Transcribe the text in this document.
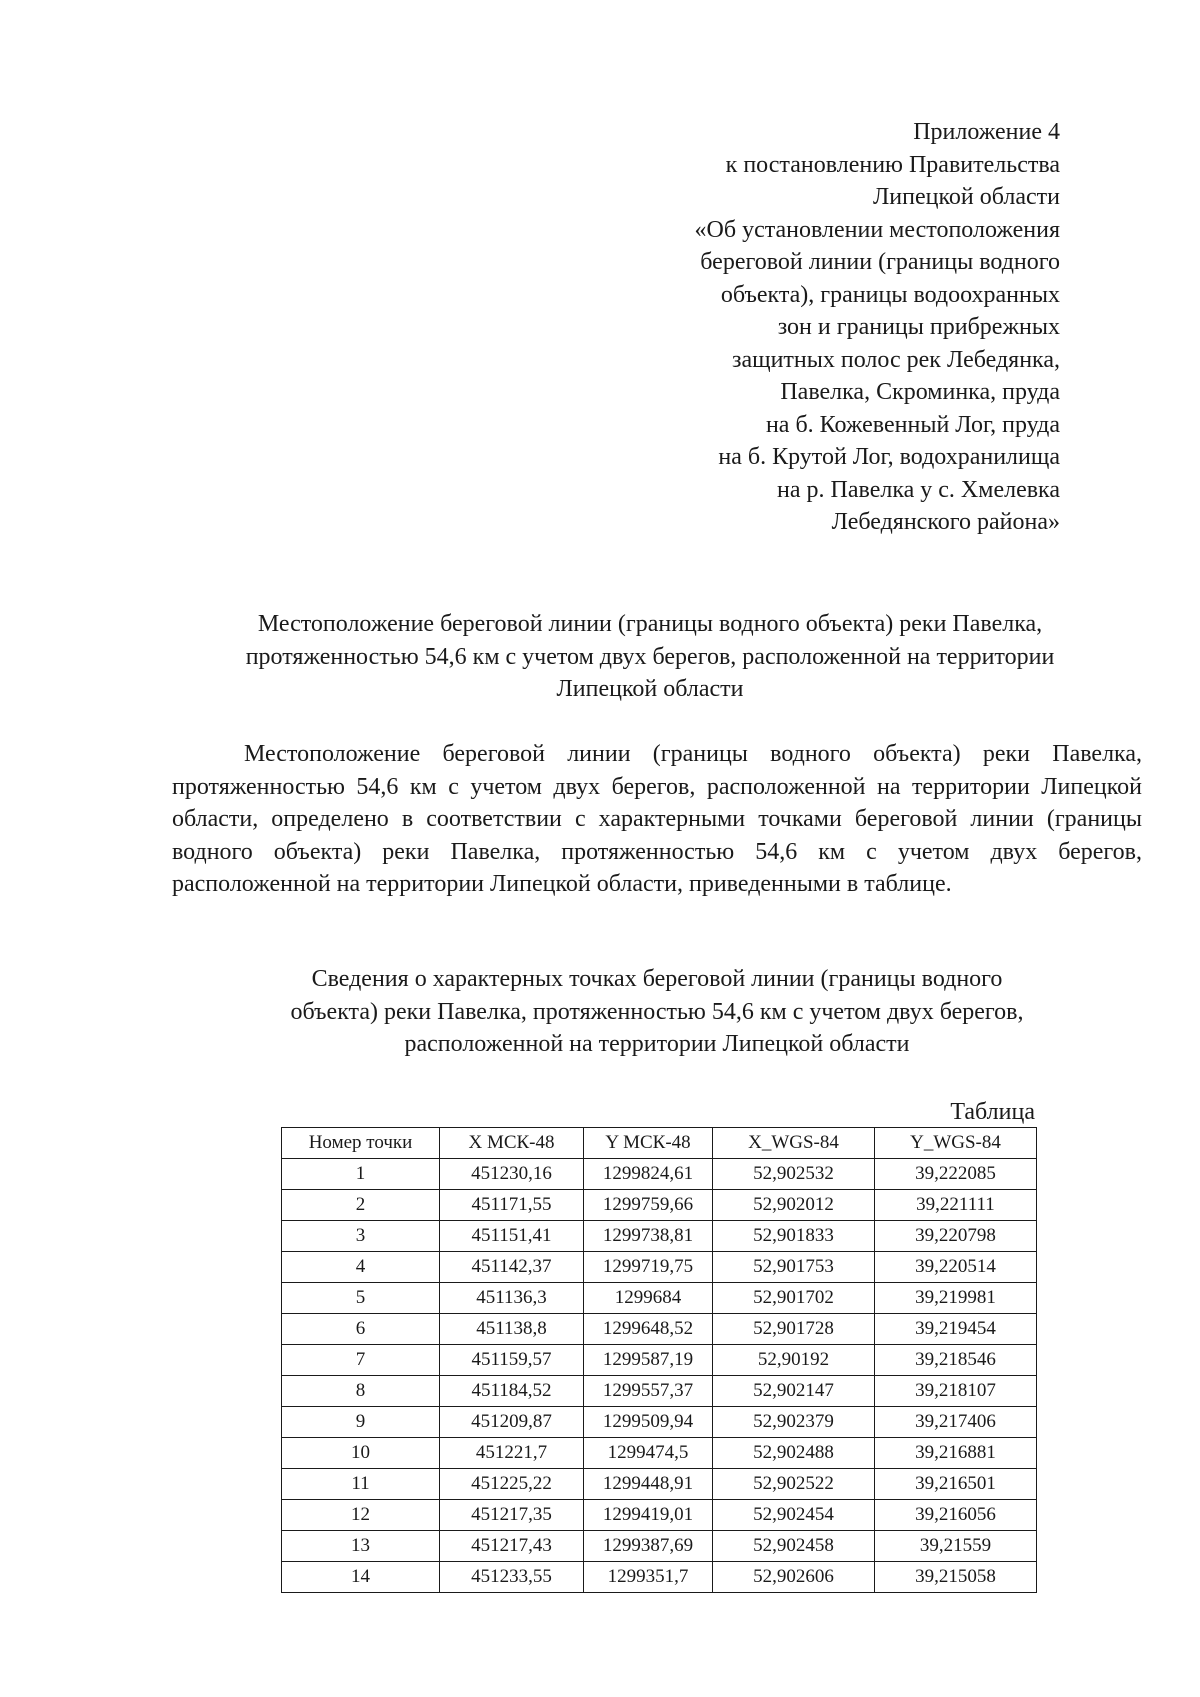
Приложение 4
к постановлению Правительства
Липецкой области
«Об установлении местоположения
береговой линии (границы водного
объекта), границы водоохранных
зон и границы прибрежных
защитных полос рек Лебедянка,
Павелка, Скроминка, пруда
на б. Кожевенный Лог, пруда
на б. Крутой Лог, водохранилища
на р. Павелка у с. Хмелевка
Лебедянского района»
Местоположение береговой линии (границы водного объекта) реки Павелка,
протяженностью 54,6 км с учетом двух берегов, расположенной на территории
Липецкой области

Местоположение береговой линии (границы водного объекта) реки Павелка, протяженностью 54,6 км с учетом двух берегов, расположенной на территории Липецкой области, определено в соответствии с характерными точками береговой линии (границы водного объекта) реки Павелка, протяженностью 54,6 км с учетом двух берегов, расположенной на территории Липецкой области, приведенными в таблице.

Сведения о характерных точках береговой линии (границы водного
объекта) реки Павелка, протяженностью 54,6 км с учетом двух берегов,
расположенной на территории Липецкой области
Таблица
Номер точки	X МСК-48	Y МСК-48	X_WGS-84	Y_WGS-84
1	451230,16	1299824,61	52,902532	39,222085
2	451171,55	1299759,66	52,902012	39,221111
3	451151,41	1299738,81	52,901833	39,220798
4	451142,37	1299719,75	52,901753	39,220514
5	451136,3	1299684	52,901702	39,219981
6	451138,8	1299648,52	52,901728	39,219454
7	451159,57	1299587,19	52,90192	39,218546
8	451184,52	1299557,37	52,902147	39,218107
9	451209,87	1299509,94	52,902379	39,217406
10	451221,7	1299474,5	52,902488	39,216881
11	451225,22	1299448,91	52,902522	39,216501
12	451217,35	1299419,01	52,902454	39,216056
13	451217,43	1299387,69	52,902458	39,21559
14	451233,55	1299351,7	52,902606	39,215058
